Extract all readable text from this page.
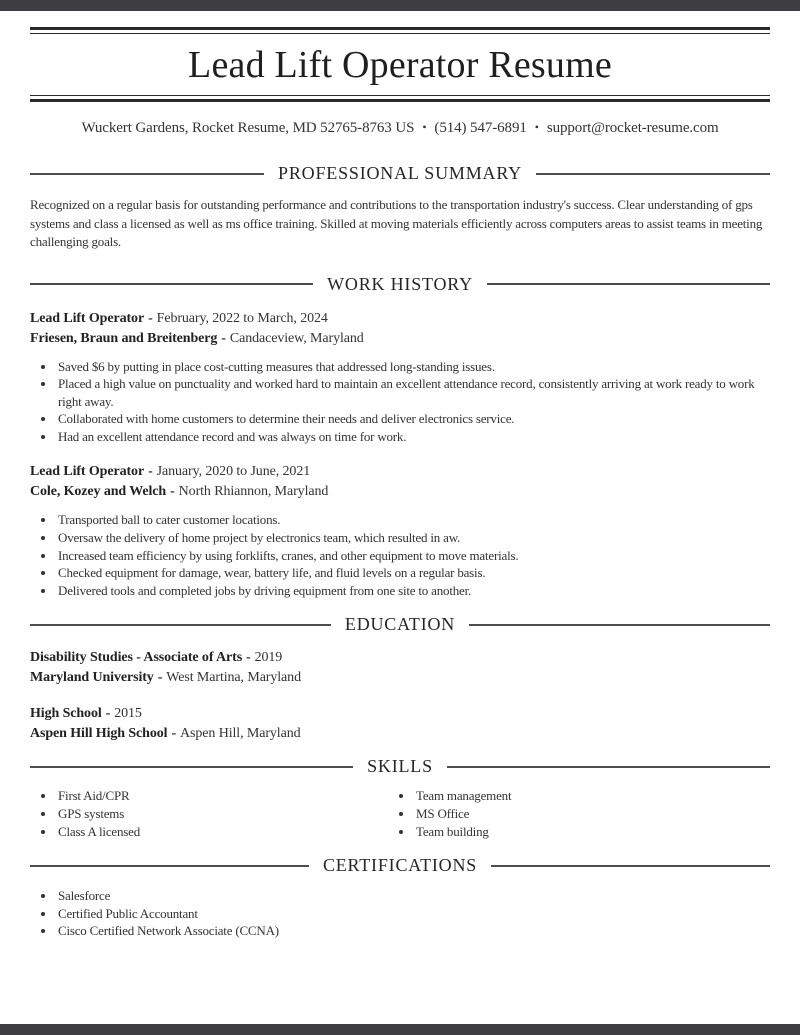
Lead Lift Operator Resume
Wuckert Gardens, Rocket Resume, MD 52765-8763 US • (514) 547-6891 • support@rocket-resume.com
PROFESSIONAL SUMMARY

Recognized on a regular basis for outstanding performance and contributions to the transportation industry's success. Clear understanding of gps systems and class a licensed as well as ms office training. Skilled at moving materials efficiently across computers areas to assist teams in meeting challenging goals.

WORK HISTORY
Lead Lift Operator - February, 2022 to March, 2024
Friesen, Braun and Breitenberg - Candaceview, Maryland
• Saved $6 by putting in place cost-cutting measures that addressed long-standing issues.
• Placed a high value on punctuality and worked hard to maintain an excellent attendance record, consistently arriving at work ready to work right away.
• Collaborated with home customers to determine their needs and deliver electronics service.
• Had an excellent attendance record and was always on time for work.
Lead Lift Operator - January, 2020 to June, 2021
Cole, Kozey and Welch - North Rhiannon, Maryland
• Transported ball to cater customer locations.
• Oversaw the delivery of home project by electronics team, which resulted in aw.
• Increased team efficiency by using forklifts, cranes, and other equipment to move materials.
• Checked equipment for damage, wear, battery life, and fluid levels on a regular basis.
• Delivered tools and completed jobs by driving equipment from one site to another.
EDUCATION
Disability Studies - Associate of Arts - 2019
Maryland University - West Martina, Maryland
High School - 2015
Aspen Hill High School - Aspen Hill, Maryland
SKILLS
• First Aid/CPR
• GPS systems
• Class A licensed
• Team management
• MS Office
• Team building
CERTIFICATIONS
• Salesforce
• Certified Public Accountant
• Cisco Certified Network Associate (CCNA)
